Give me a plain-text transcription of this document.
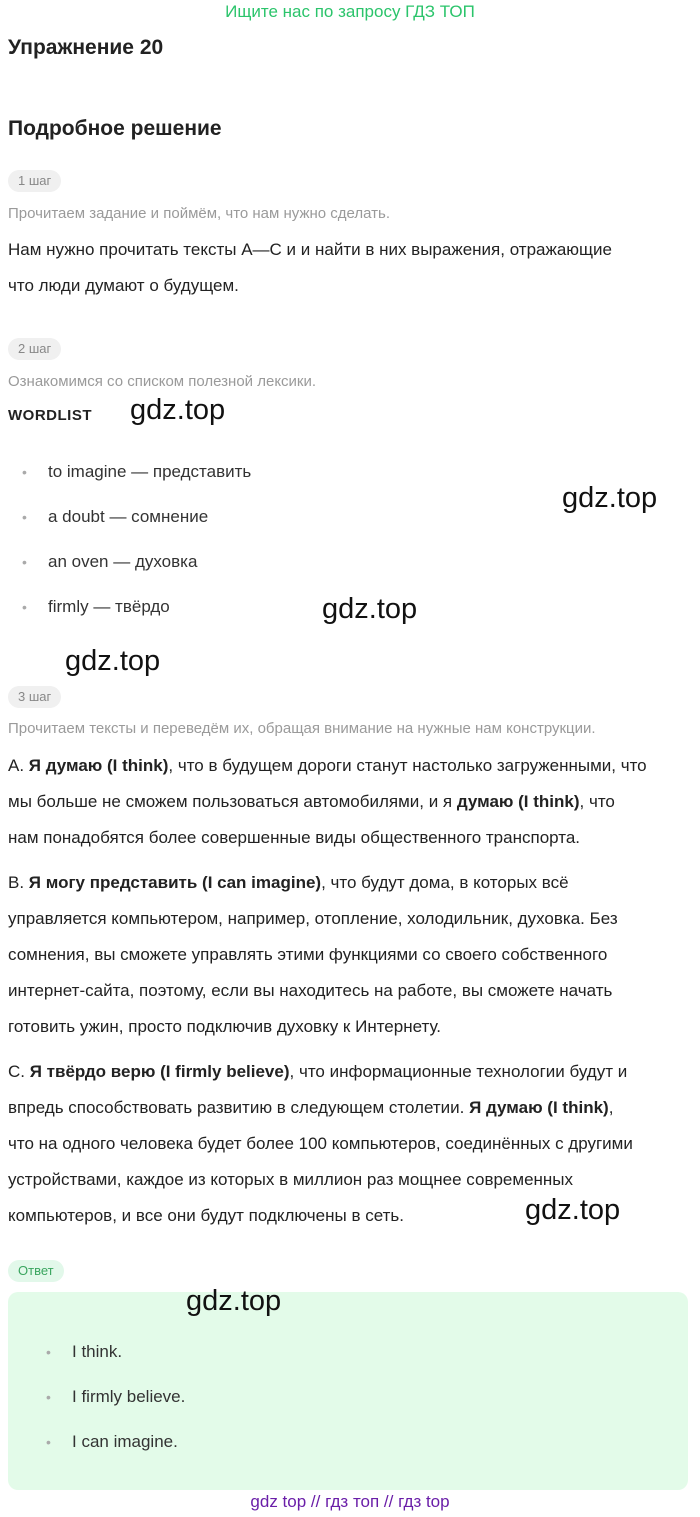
Ищите нас по запросу ГДЗ ТОП
Упражнение 20
Подробное решение
1 шаг
Прочитаем задание и поймём, что нам нужно сделать.
Нам нужно прочитать тексты A—C и и найти в них выражения, отражающие
что люди думают о будущем.
2 шаг
Ознакомимся со списком полезной лексики.
WORDLIST
• to imagine — представить
• a doubt — сомнение
• an oven — духовка
• firmly — твёрдо
3 шаг
Прочитаем тексты и переведём их, обращая внимание на нужные нам конструкции.
A. Я думаю (I think), что в будущем дороги станут настолько загруженными, что
мы больше не сможем пользоваться автомобилями, и я думаю (I think), что
нам понадобятся более совершенные виды общественного транспорта.
B. Я могу представить (I can imagine), что будут дома, в которых всё
управляется компьютером, например, отопление, холодильник, духовка. Без
сомнения, вы сможете управлять этими функциями со своего собственного
интернет-сайта, поэтому, если вы находитесь на работе, вы сможете начать
готовить ужин, просто подключив духовку к Интернету.
C. Я твёрдо верю (I firmly believe), что информационные технологии будут и
впредь способствовать развитию в следующем столетии. Я думаю (I think),
что на одного человека будет более 100 компьютеров, соединённых с другими
устройствами, каждое из которых в миллион раз мощнее современных
компьютеров, и все они будут подключены в сеть.
Ответ
• I think.
• I firmly believe.
• I can imagine.
gdz.top
gdz.top
gdz.top
gdz.top
gdz.top
gdz.top
gdz top // гдз топ // гдз top
